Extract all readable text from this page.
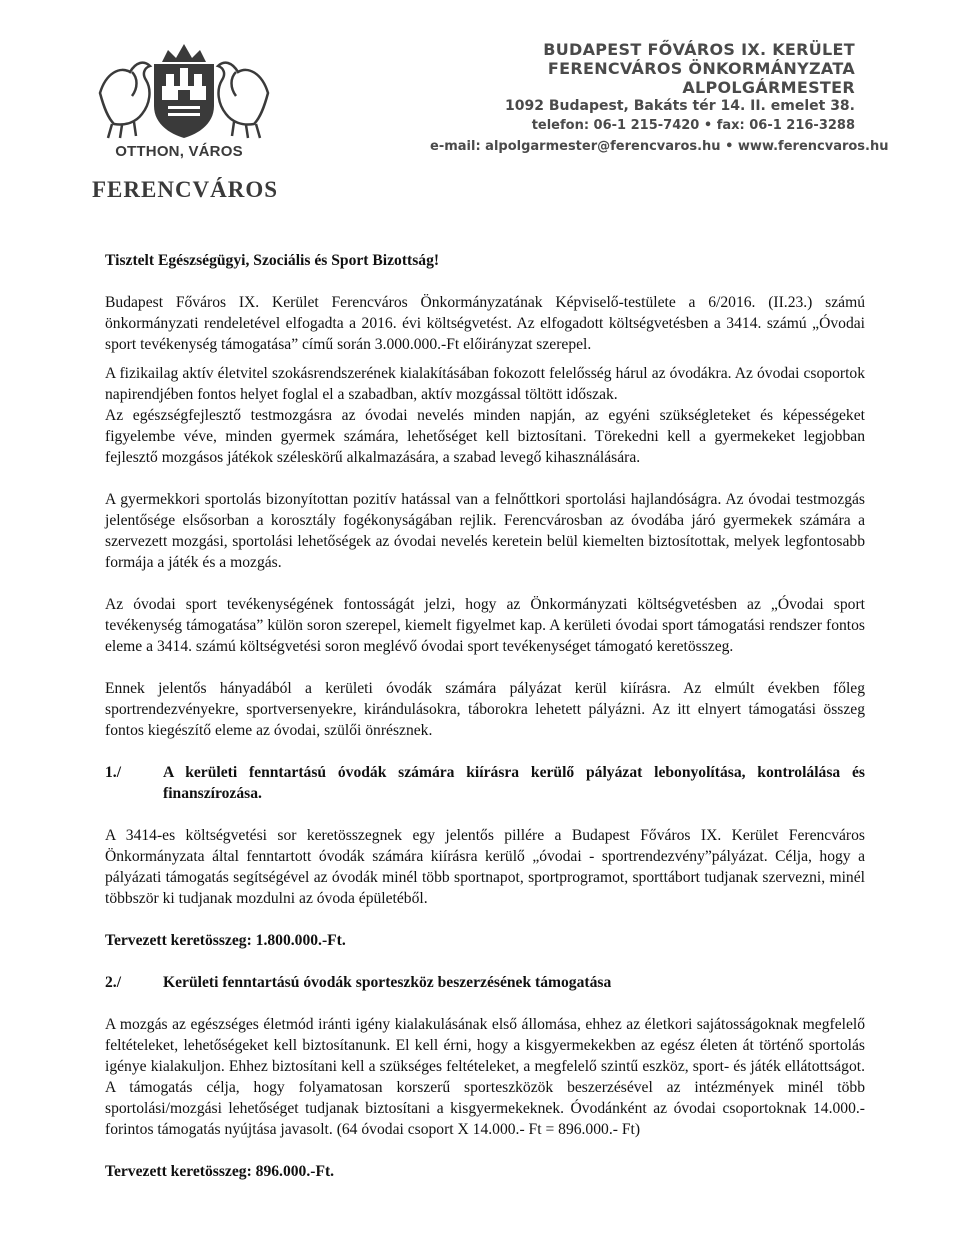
OTTHON, VÁROS
FERENCVÁROS
BUDAPEST FŐVÁROS IX. KERÜLET
FERENCVÁROS ÖNKORMÁNYZATA
ALPOLGÁRMESTER
1092 Budapest, Bakáts tér 14. II. emelet 38.
telefon: 06-1 215-7420 • fax: 06-1 216-3288
e-mail: alpolgarmester@ferencvaros.hu • www.ferencvaros.hu

Tisztelt Egészségügyi, Szociális és Sport Bizottság!

Budapest Főváros IX. Kerület Ferencváros Önkormányzatának Képviselő-testülete a 6/2016. (II.23.) számú önkormányzati rendeletével elfogadta a 2016. évi költségvetést. Az elfogadott költségvetésben a 3414. számú „Óvodai sport tevékenység támogatása” című során 3.000.000.-Ft előirányzat szerepel.

A fizikailag aktív életvitel szokásrendszerének kialakításában fokozott felelősség hárul az óvodákra. Az óvodai csoportok napirendjében fontos helyet foglal el a szabadban, aktív mozgással töltött időszak.

Az egészségfejlesztő testmozgásra az óvodai nevelés minden napján, az egyéni szükségleteket és képességeket figyelembe véve, minden gyermek számára, lehetőséget kell biztosítani. Törekedni kell a gyermekeket legjobban fejlesztő mozgásos játékok széleskörű alkalmazására, a szabad levegő kihasználására.

A gyermekkori sportolás bizonyítottan pozitív hatással van a felnőttkori sportolási hajlandóságra. Az óvodai testmozgás jelentősége elsősorban a korosztály fogékonyságában rejlik. Ferencvárosban az óvodába járó gyermekek számára a szervezett mozgási, sportolási lehetőségek az óvodai nevelés keretein belül kiemelten biztosítottak, melyek legfontosabb formája a játék és a mozgás.

Az óvodai sport tevékenységének fontosságát jelzi, hogy az Önkormányzati költségvetésben az „Óvodai sport tevékenység támogatása” külön soron szerepel, kiemelt figyelmet kap. A kerületi óvodai sport támogatási rendszer fontos eleme a 3414. számú költségvetési soron meglévő óvodai sport tevékenységet támogató keretösszeg.

Ennek jelentős hányadából a kerületi óvodák számára pályázat kerül kiírásra. Az elmúlt években főleg sportrendezvényekre, sportversenyekre, kirándulásokra, táborokra lehetett pályázni. Az itt elnyert támogatási összeg fontos kiegészítő eleme az óvodai, szülői önrésznek.

1./	A kerületi fenntartású óvodák számára kiírásra kerülő pályázat lebonyolítása, kontrolálása és finanszírozása.

A 3414-es költségvetési sor keretösszegnek egy jelentős pillére a Budapest Főváros IX. Kerület Ferencváros Önkormányzata által fenntartott óvodák számára kiírásra kerülő „óvodai - sportrendezvény”pályázat. Célja, hogy a pályázati támogatás segítségével az óvodák minél több sportnapot, sportprogramot, sporttábort tudjanak szervezni, minél többször ki tudjanak mozdulni az óvoda épületéből.

Tervezett keretösszeg: 1.800.000.-Ft.

2./	Kerületi fenntartású óvodák sporteszköz beszerzésének támogatása

A mozgás az egészséges életmód iránti igény kialakulásának első állomása, ehhez az életkori sajátosságoknak megfelelő feltételeket, lehetőségeket kell biztosítanunk. El kell érni, hogy a kisgyermekekben az egész életen át történő sportolás igénye kialakuljon. Ehhez biztosítani kell a szükséges feltételeket, a megfelelő szintű eszköz, sport- és játék ellátottságot. A támogatás célja, hogy folyamatosan korszerű sporteszközök beszerzésével az intézmények minél több sportolási/mozgási lehetőséget tudjanak biztosítani a kisgyermekeknek. Óvodánként az óvodai csoportoknak 14.000.-forintos támogatás nyújtása javasolt. (64 óvodai csoport X 14.000.- Ft = 896.000.- Ft)

Tervezett keretösszeg: 896.000.-Ft.
